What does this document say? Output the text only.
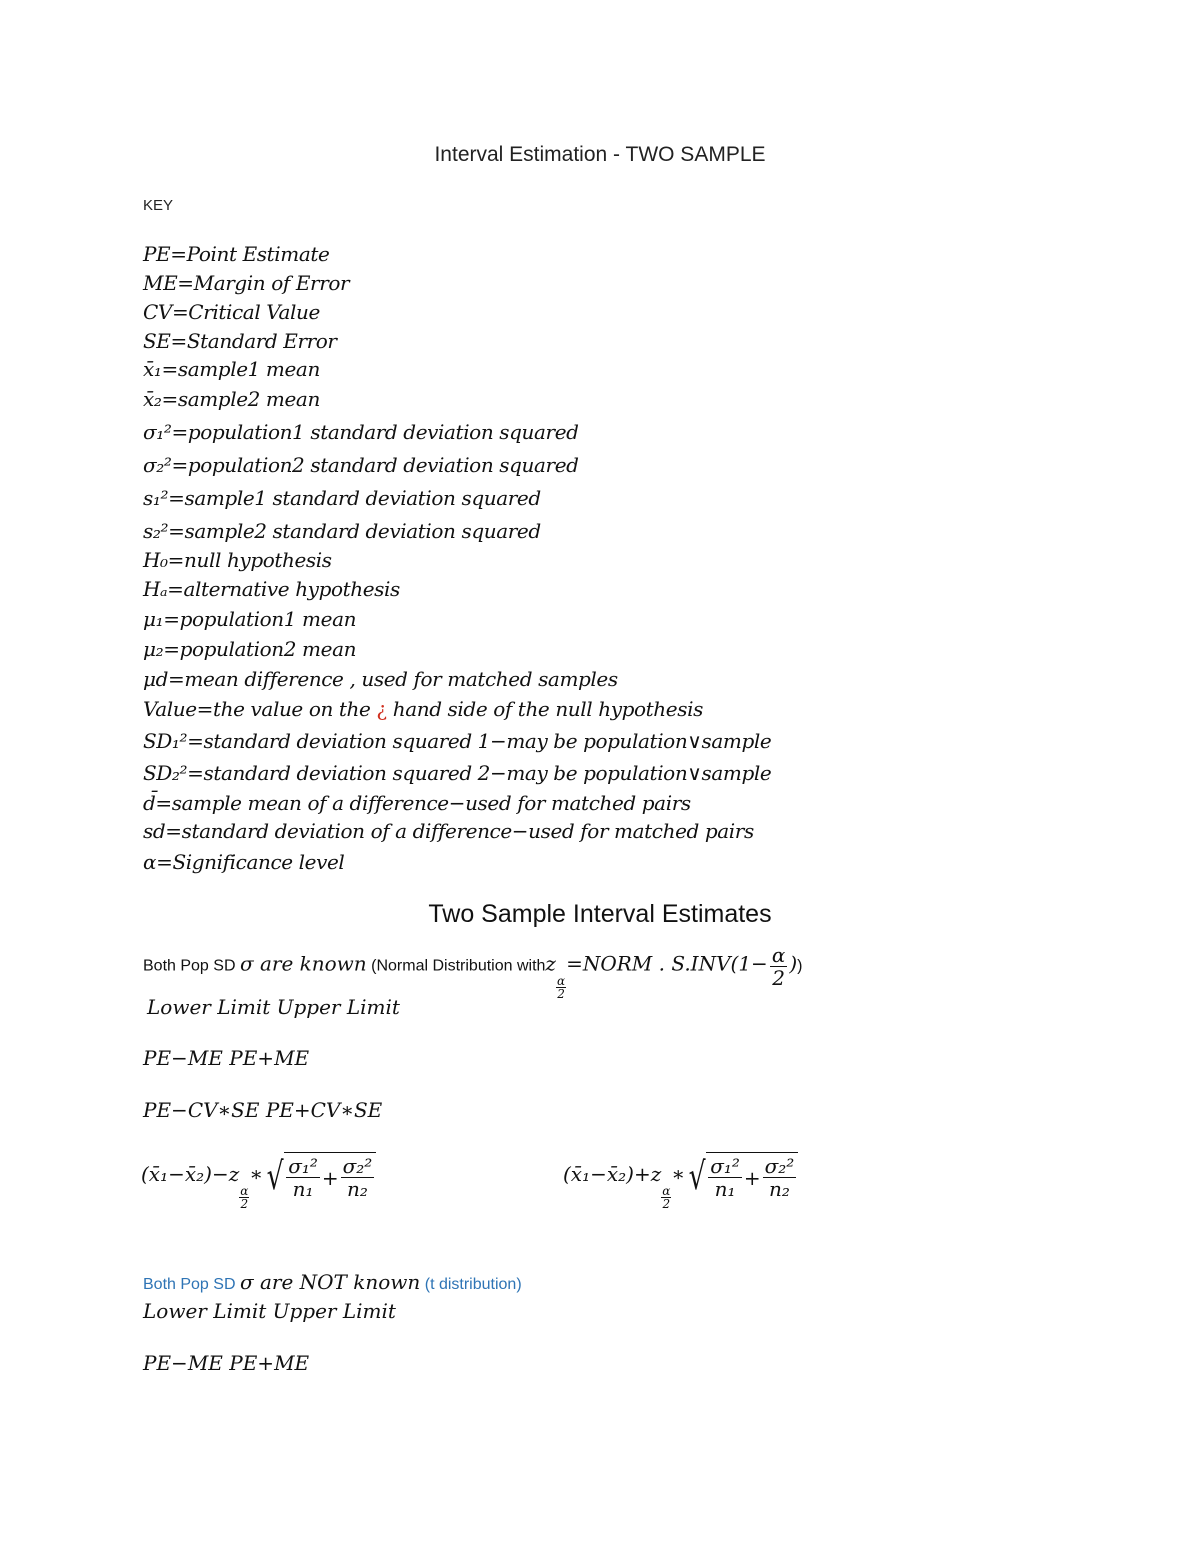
Interval Estimation - TWO SAMPLE
KEY
PE=Point Estimate
ME=Margin of Error
CV=Critical Value
SE=Standard Error
x̄₁=sample1 mean
x̄₂=sample2 mean
σ₁²=population1 standard deviation squared
σ₂²=population2 standard deviation squared
s₁²=sample1 standard deviation squared
s₂²=sample2 standard deviation squared
H₀=null hypothesis
Hₐ=alternative hypothesis
μ₁=population1 mean
μ₂=population2 mean
μd=mean difference , used for matched samples
Value=the value on the ¿ hand side of the null hypothesis
SD₁²=standard deviation squared 1−may be population∨sample
SD₂²=standard deviation squared 2−may be population∨sample
d̄=sample mean of a difference−used for matched pairs
sd=standard deviation of a difference−used for matched pairs
α=Significance level
Two Sample Interval Estimates
Both Pop SD σ are known (Normal Distribution withz
$\frac{\alpha}{2}$
=NORM . $S.INV(1- \frac{\alpha}{2}$ ))
Lower Limit Upper Limit
PE−ME PE+ME
PE−CV∗SE PE+CV∗SE
(x̄₁−x̄₂)−z
$\frac{\alpha}{2}$
∗ √ $\frac{\text{σ₁²}}{\text{n₁}} + \frac{\text{σ₂²}}{\text{n₂}}$	(x̄₁−x̄₂)+z
$\frac{\alpha}{2}$
∗ √ $\frac{\text{σ₁²}}{\text{n₁}} + \frac{\text{σ₂²}}{\text{n₂}}$
Both Pop SD σ are NOT known (t distribution)
Lower Limit Upper Limit
PE−ME PE+ME
